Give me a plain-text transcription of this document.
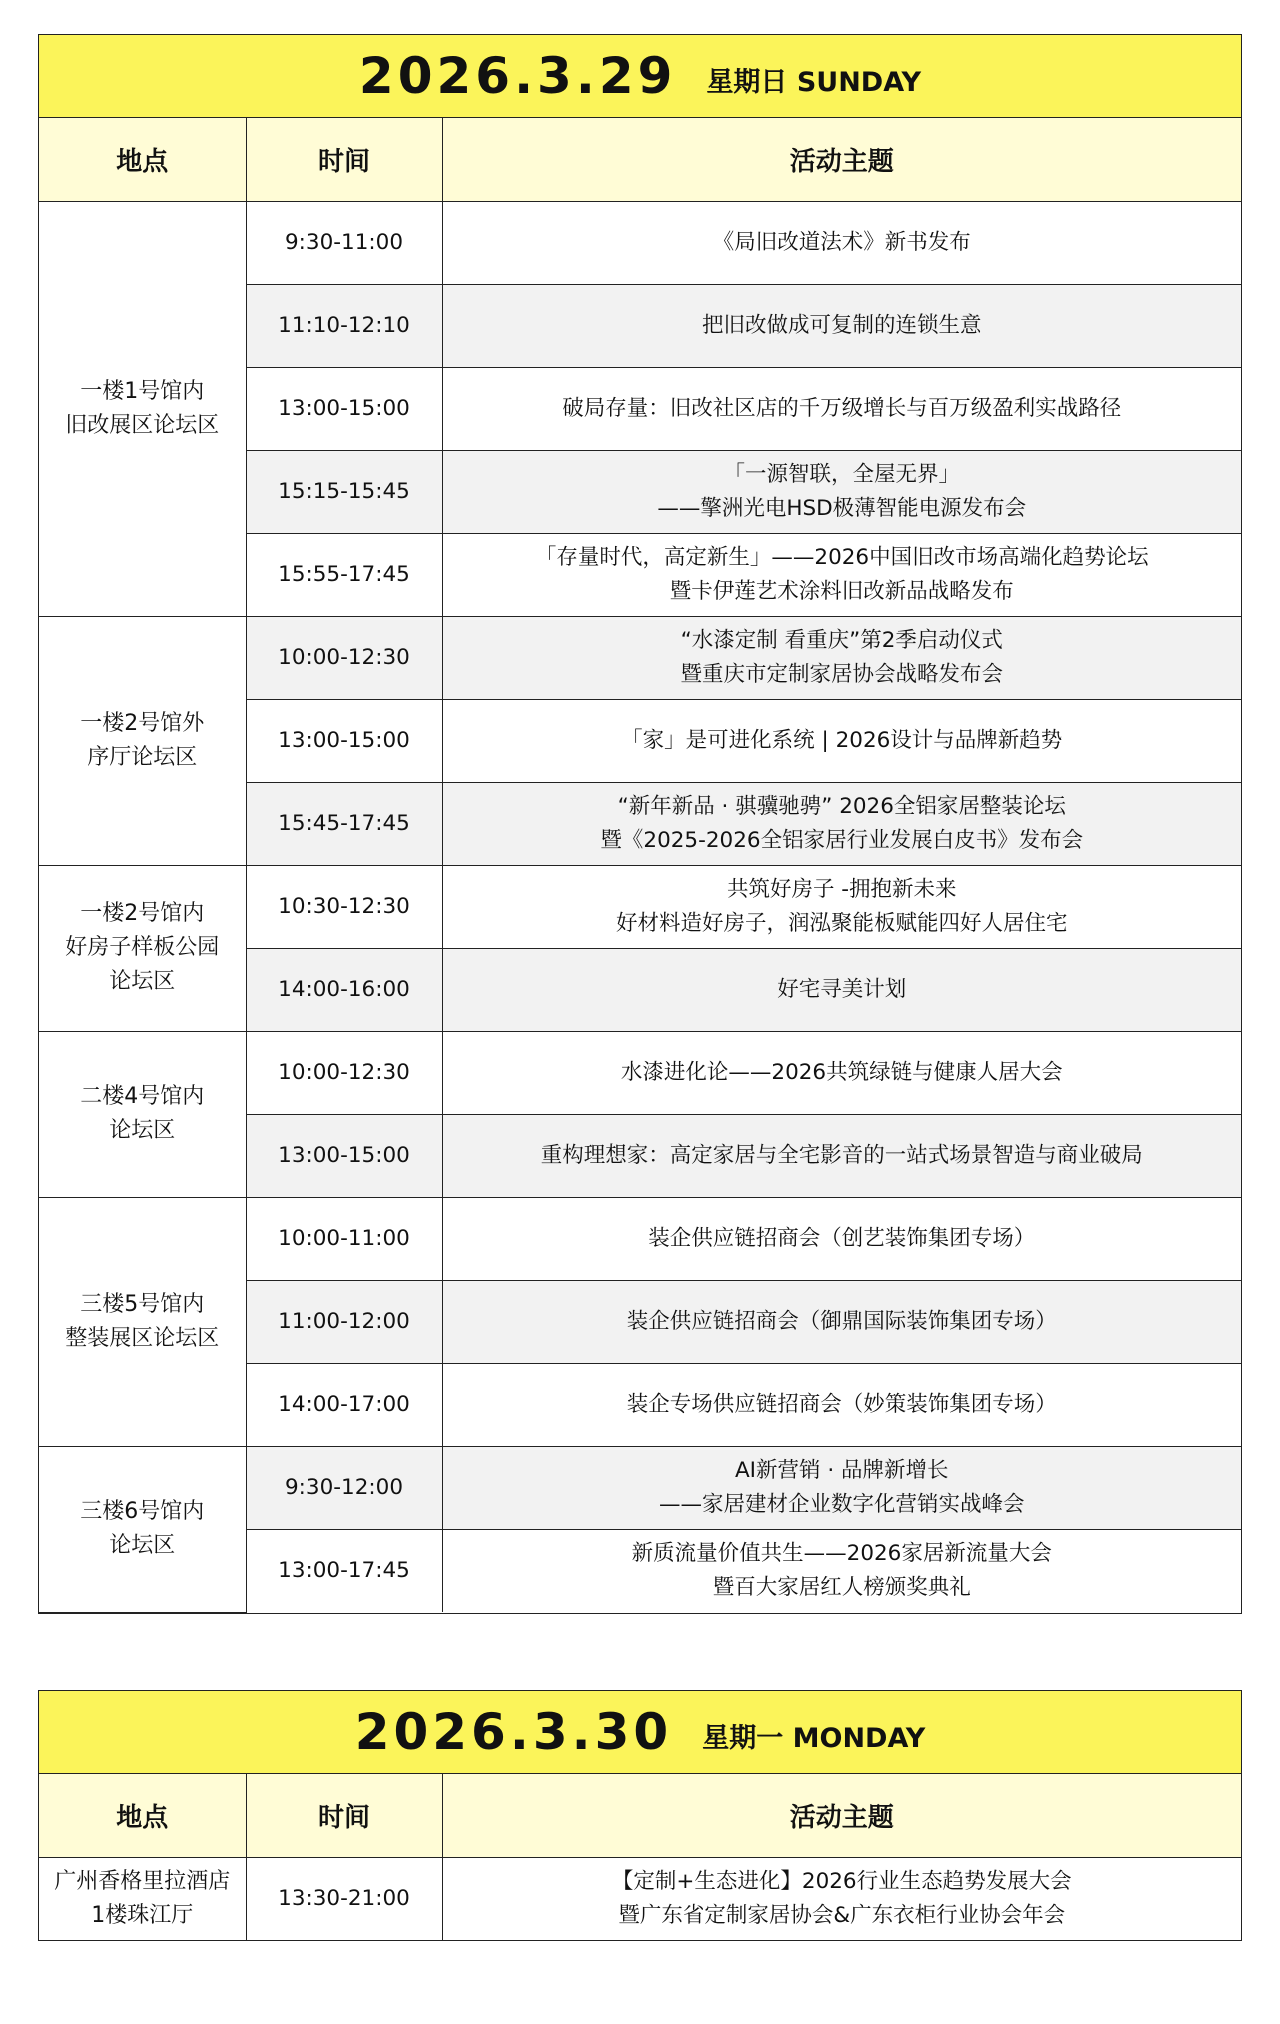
2026.3.29 星期日 SUNDAY
地点	时间	活动主题

一楼1号馆内
旧改展区论坛区	9:30-11:00	《局旧改道法术》新书发布

	11:10-12:10	把旧改做成可复制的连锁生意

	13:00-15:00	破局存量：旧改社区店的千万级增长与百万级盈利实战路径

	15:15-15:45	「一源智联，全屋无界」
——擎洲光电HSD极薄智能电源发布会

	15:55-17:45	「存量时代，高定新生」——2026中国旧改市场高端化趋势论坛
暨卡伊莲艺术涂料旧改新品战略发布

一楼2号馆外
序厅论坛区	10:00-12:30	“水漆定制 看重庆”第2季启动仪式
暨重庆市定制家居协会战略发布会

	13:00-15:00	「家」是可进化系统 | 2026设计与品牌新趋势

	15:45-17:45	“新年新品 · 骐骥驰骋” 2026全铝家居整装论坛
暨《2025-2026全铝家居行业发展白皮书》发布会

一楼2号馆内
好房子样板公园
论坛区	10:30-12:30	共筑好房子 -拥抱新未来
好材料造好房子，润泓聚能板赋能四好人居住宅

	14:00-16:00	好宅寻美计划

二楼4号馆内
论坛区	10:00-12:30	水漆进化论——2026共筑绿链与健康人居大会

	13:00-15:00	重构理想家：高定家居与全宅影音的一站式场景智造与商业破局

三楼5号馆内
整装展区论坛区	10:00-11:00	装企供应链招商会（创艺装饰集团专场）

	11:00-12:00	装企供应链招商会（御鼎国际装饰集团专场）

	14:00-17:00	装企专场供应链招商会（妙策装饰集团专场）

三楼6号馆内
论坛区	9:30-12:00	AI新营销 · 品牌新增长
——家居建材企业数字化营销实战峰会

	13:00-17:45	新质流量价值共生——2026家居新流量大会
暨百大家居红人榜颁奖典礼
2026.3.30 星期一 MONDAY
地点	时间	活动主题

广州香格里拉酒店
1楼珠江厅	13:30-21:00	【定制+生态进化】2026行业生态趋势发展大会
暨广东省定制家居协会&广东衣柜行业协会年会
